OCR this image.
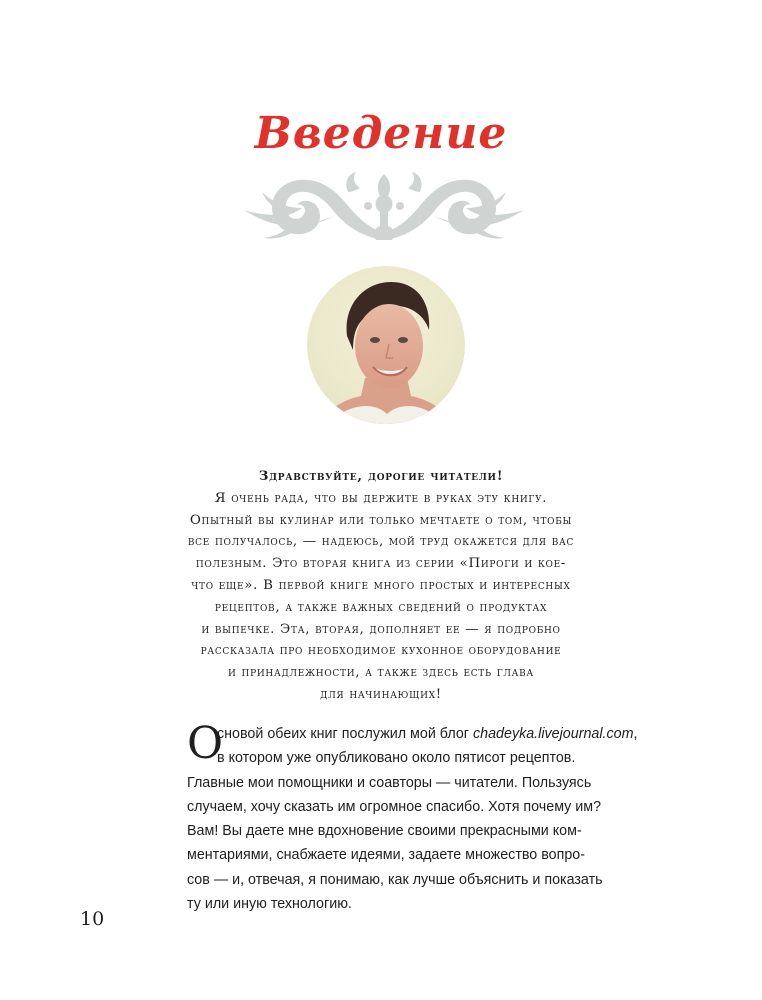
Введение
Здравствуйте, дорогие читатели!
Я очень рада, что вы держите в руках эту книгу.
Опытный вы кулинар или только мечтаете о том, чтобы
все получалось, — надеюсь, мой труд окажется для вас
полезным. Это вторая книга из серии «Пироги и кое-
что еще». В первой книге много простых и интересных
рецептов, а также важных сведений о продуктах
и выпечке. Эта, вторая, дополняет ее — я подробно
рассказала про необходимое кухонное оборудование
и принадлежности, а также здесь есть глава
для начинающих!
О
сновой обеих книг послужил мой блог chadeyka.livejournal.com,
в котором уже опубликовано около пятисот рецептов.
Главные мои помощники и соавторы — читатели. Пользуясь
случаем, хочу сказать им огромное спасибо. Хотя почему им?
Вам! Вы даете мне вдохновение своими прекрасными ком-
ментариями, снабжаете идеями, задаете множество вопро-
сов — и, отвечая, я понимаю, как лучше объяснить и показать
ту или иную технологию.
10
